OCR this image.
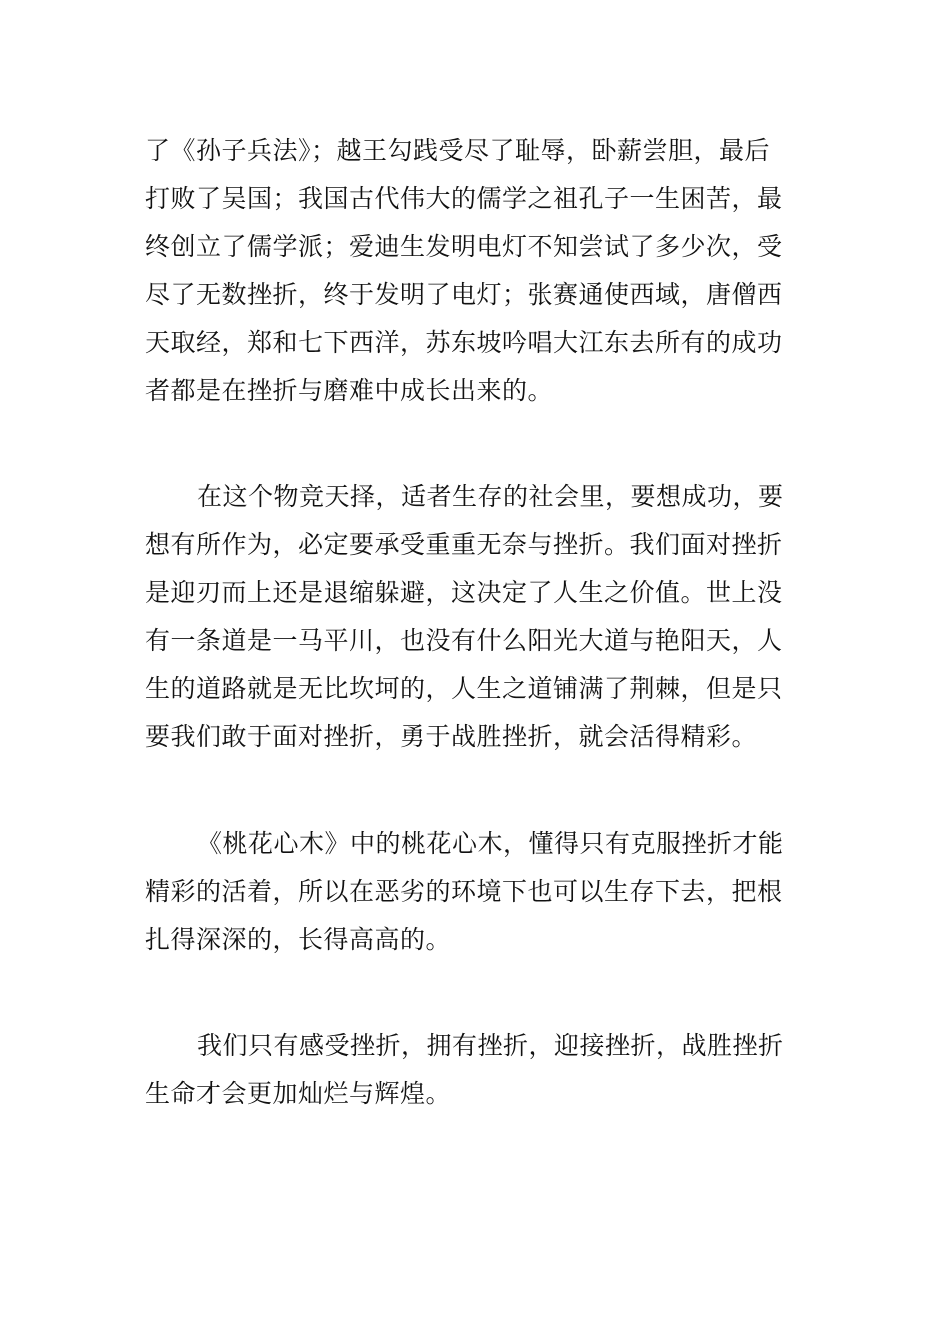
了《孙子兵法》；越王勾践受尽了耻辱，卧薪尝胆，最后
打败了吴国；我国古代伟大的儒学之祖孔子一生困苦，最
终创立了儒学派；爱迪生发明电灯不知尝试了多少次，受
尽了无数挫折，终于发明了电灯；张赛通使西域，唐僧西
天取经，郑和七下西洋，苏东坡吟唱大江东去所有的成功
者都是在挫折与磨难中成长出来的。
在这个物竞天择，适者生存的社会里，要想成功，要
想有所作为，必定要承受重重无奈与挫折。我们面对挫折
是迎刃而上还是退缩躲避，这决定了人生之价值。世上没
有一条道是一马平川，也没有什么阳光大道与艳阳天，人
生的道路就是无比坎坷的，人生之道铺满了荆棘，但是只
要我们敢于面对挫折，勇于战胜挫折，就会活得精彩。
《桃花心木》中的桃花心木，懂得只有克服挫折才能
精彩的活着，所以在恶劣的环境下也可以生存下去，把根
扎得深深的，长得高高的。
我们只有感受挫折，拥有挫折，迎接挫折，战胜挫折
生命才会更加灿烂与辉煌。
